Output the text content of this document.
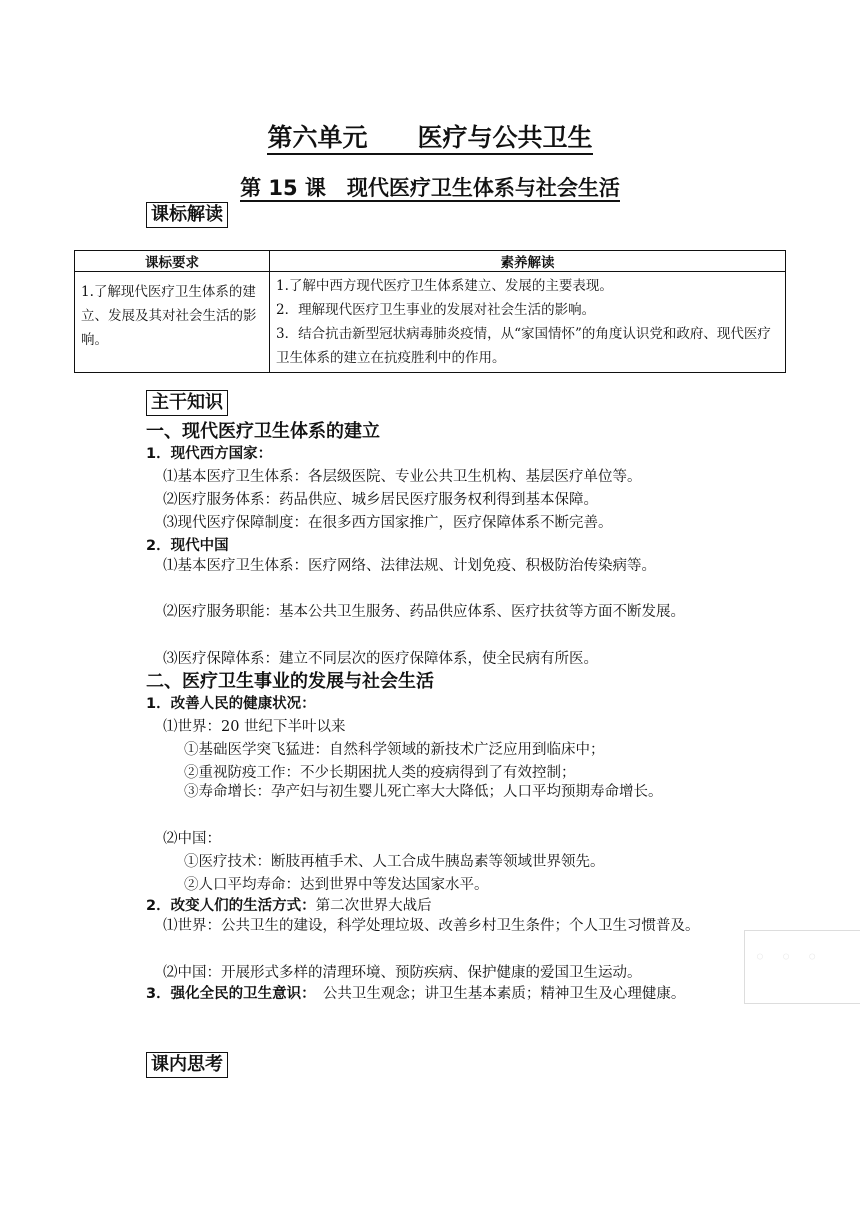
第六单元　　医疗与公共卫生
第 15 课　现代医疗卫生体系与社会生活
课标解读
课标要求	素养解读
1.了解现代医疗卫生体系的建立、发展及其对社会生活的影响。	1.了解中西方现代医疗卫生体系建立、发展的主要表现。
2．理解现代医疗卫生事业的发展对社会生活的影响。
3．结合抗击新型冠状病毒肺炎疫情，从“家国情怀”的角度认识党和政府、现代医疗卫生体系的建立在抗疫胜利中的作用。
主干知识
一、现代医疗卫生体系的建立
1．现代西方国家：
⑴基本医疗卫生体系：各层级医院、专业公共卫生机构、基层医疗单位等。
⑵医疗服务体系：药品供应、城乡居民医疗服务权利得到基本保障。
⑶现代医疗保障制度：在很多西方国家推广，医疗保障体系不断完善。
2．现代中国
⑴基本医疗卫生体系：医疗网络、法律法规、计划免疫、积极防治传染病等。
⑵医疗服务职能：基本公共卫生服务、药品供应体系、医疗扶贫等方面不断发展。
⑶医疗保障体系：建立不同层次的医疗保障体系，使全民病有所医。
二、医疗卫生事业的发展与社会生活
1．改善人民的健康状况：
⑴世界：20 世纪下半叶以来
①基础医学突飞猛进：自然科学领域的新技术广泛应用到临床中；
②重视防疫工作：不少长期困扰人类的疫病得到了有效控制；
③寿命增长：孕产妇与初生婴儿死亡率大大降低；人口平均预期寿命增长。
⑵中国：
①医疗技术：断肢再植手术、人工合成牛胰岛素等领域世界领先。
②人口平均寿命：达到世界中等发达国家水平。
2．改变人们的生活方式：第二次世界大战后
⑴世界：公共卫生的建设，科学处理垃圾、改善乡村卫生条件；个人卫生习惯普及。
⑵中国：开展形式多样的清理环境、预防疾病、保护健康的爱国卫生运动。
3．强化全民的卫生意识：　公共卫生观念；讲卫生基本素质；精神卫生及心理健康。
课内思考
◦ ◦ ◦
